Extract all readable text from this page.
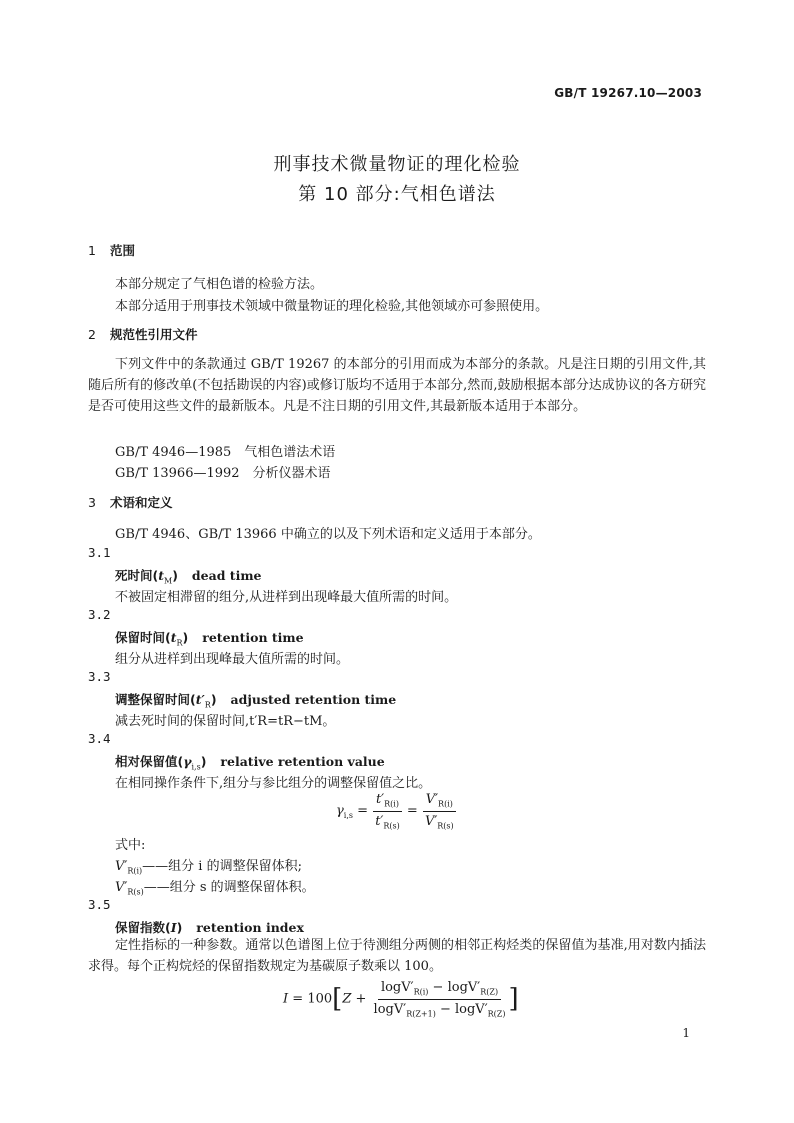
GB/T 19267.10—2003
刑事技术微量物证的理化检验
第 10 部分:气相色谱法
1 范围
本部分规定了气相色谱的检验方法。
本部分适用于刑事技术领域中微量物证的理化检验,其他领域亦可参照使用。
2 规范性引用文件
下列文件中的条款通过 GB/T 19267 的本部分的引用而成为本部分的条款。凡是注日期的引用文件,其随后所有的修改单(不包括勘误的内容)或修订版均不适用于本部分,然而,鼓励根据本部分达成协议的各方研究是否可使用这些文件的最新版本。凡是不注日期的引用文件,其最新版本适用于本部分。
GB/T 4946—1985　气相色谱法术语
GB/T 13966—1992　分析仪器术语
3 术语和定义
GB/T 4946、GB/T 13966 中确立的以及下列术语和定义适用于本部分。
3.1
死时间$(t_M)$ dead time
不被固定相滞留的组分,从进样到出现峰最大值所需的时间。
3.2
保留时间$(t_R)$ retention time
组分从进样到出现峰最大值所需的时间。
3.3
调整保留时间$(t'_R)$ adjusted retention time
减去死时间的保留时间,t′R=tR−tM。
3.4
相对保留值$(\gamma_{i,s})$ relative retention value
在相同操作条件下,组分与参比组分的调整保留值之比。
$\gamma_{i,s} = \frac{t'_{R(i)}}{t'_{R(s)}} = \frac{V'_{R(i)}}{V'_{R(s)}}$
式中:
$V'_{R(i)}——$组分 i 的调整保留体积;
$V'_{R(s)}——$组分 s 的调整保留体积。
3.5
保留指数(I) retention index
定性指标的一种参数。通常以色谱图上位于待测组分两侧的相邻正构烃类的保留值为基准,用对数内插法求得。每个正构烷烃的保留指数规定为基碳原子数乘以 100。
$I = 100[Z + \frac{\log V'_{R(i)} - \log V'_{R(Z)}}{\log V'_{R(Z+1)} - \log V'_{R(Z)}}$ ]
1
